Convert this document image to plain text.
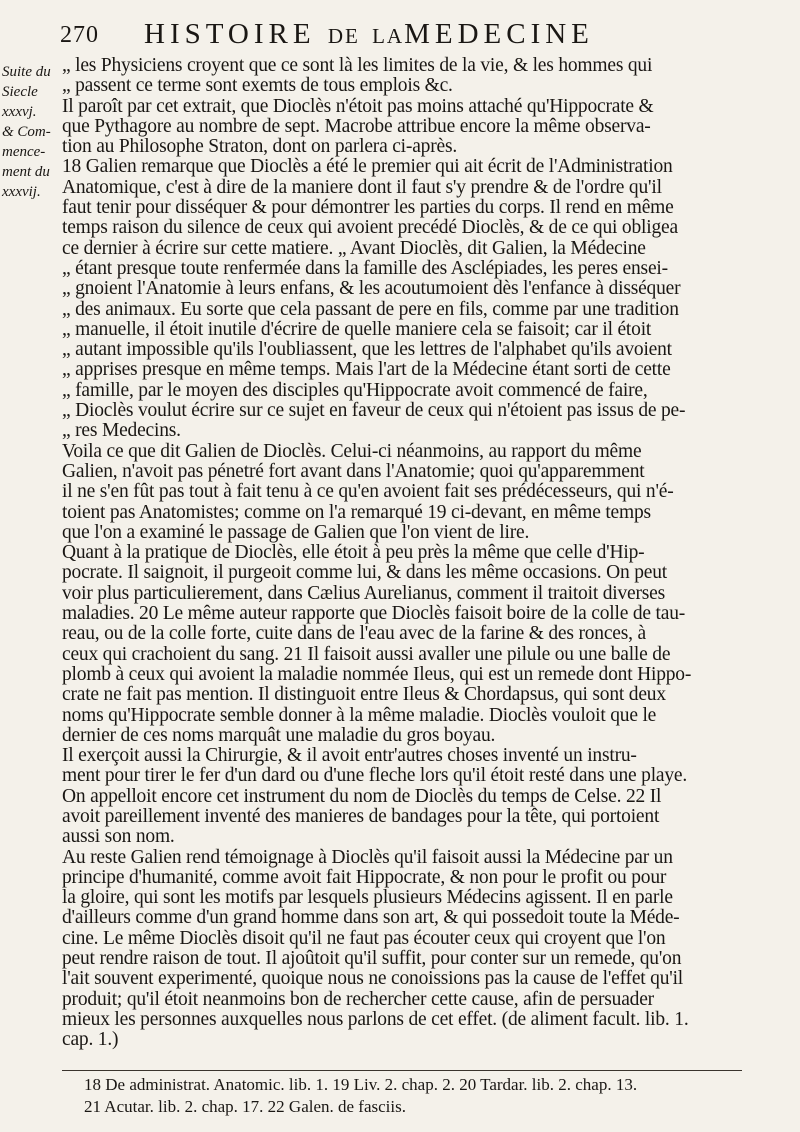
270 HISTOIRE DE LAMEDECINE
Suite du
Siecle
xxxvj.
& Com-
mence-
ment du
xxxvij.
„ les Physiciens croyent que ce sont là les limites de la vie, & les hommes qui
„ passent ce terme sont exemts de tous emplois &c.
Il paroît par cet extrait, que Dioclès n'étoit pas moins attaché qu'Hippocrate &
que Pythagore au nombre de sept. Macrobe attribue encore la même observa-
tion au Philosophe Straton, dont on parlera ci-après.
18 Galien remarque que Dioclès a été le premier qui ait écrit de l'Administration
Anatomique, c'est à dire de la maniere dont il faut s'y prendre & de l'ordre qu'il
faut tenir pour disséquer & pour démontrer les parties du corps. Il rend en même
temps raison du silence de ceux qui avoient precédé Dioclès, & de ce qui obligea
ce dernier à écrire sur cette matiere. „ Avant Dioclès, dit Galien, la Médecine
„ étant presque toute renfermée dans la famille des Asclépiades, les peres ensei-
„ gnoient l'Anatomie à leurs enfans, & les acoutumoient dès l'enfance à disséquer
„ des animaux. Eu sorte que cela passant de pere en fils, comme par une tradition
„ manuelle, il étoit inutile d'écrire de quelle maniere cela se faisoit; car il étoit
„ autant impossible qu'ils l'oubliassent, que les lettres de l'alphabet qu'ils avoient
„ apprises presque en même temps. Mais l'art de la Médecine étant sorti de cette
„ famille, par le moyen des disciples qu'Hippocrate avoit commencé de faire,
„ Dioclès voulut écrire sur ce sujet en faveur de ceux qui n'étoient pas issus de pe-
„ res Medecins.
Voila ce que dit Galien de Dioclès. Celui-ci néanmoins, au rapport du même
Galien, n'avoit pas pénetré fort avant dans l'Anatomie; quoi qu'apparemment
il ne s'en fût pas tout à fait tenu à ce qu'en avoient fait ses prédécesseurs, qui n'é-
toient pas Anatomistes; comme on l'a remarqué 19 ci-devant, en même temps
que l'on a examiné le passage de Galien que l'on vient de lire.
Quant à la pratique de Dioclès, elle étoit à peu près la même que celle d'Hip-
pocrate. Il saignoit, il purgeoit comme lui, & dans les même occasions. On peut
voir plus particulierement, dans Cælius Aurelianus, comment il traitoit diverses
maladies. 20 Le même auteur rapporte que Dioclès faisoit boire de la colle de tau-
reau, ou de la colle forte, cuite dans de l'eau avec de la farine & des ronces, à
ceux qui crachoient du sang. 21 Il faisoit aussi avaller une pilule ou une balle de
plomb à ceux qui avoient la maladie nommée Ileus, qui est un remede dont Hippo-
crate ne fait pas mention. Il distinguoit entre Ileus & Chordapsus, qui sont deux
noms qu'Hippocrate semble donner à la même maladie. Dioclès vouloit que le
dernier de ces noms marquât une maladie du gros boyau.
Il exerçoit aussi la Chirurgie, & il avoit entr'autres choses inventé un instru-
ment pour tirer le fer d'un dard ou d'une fleche lors qu'il étoit resté dans une playe.
On appelloit encore cet instrument du nom de Dioclès du temps de Celse. 22 Il
avoit pareillement inventé des manieres de bandages pour la tête, qui portoient
aussi son nom.
Au reste Galien rend témoignage à Dioclès qu'il faisoit aussi la Médecine par un
principe d'humanité, comme avoit fait Hippocrate, & non pour le profit ou pour
la gloire, qui sont les motifs par lesquels plusieurs Médecins agissent. Il en parle
d'ailleurs comme d'un grand homme dans son art, & qui possedoit toute la Méde-
cine. Le même Dioclès disoit qu'il ne faut pas écouter ceux qui croyent que l'on
peut rendre raison de tout. Il ajoûtoit qu'il suffit, pour conter sur un remede, qu'on
l'ait souvent experimenté, quoique nous ne conoissions pas la cause de l'effet qu'il
produit; qu'il étoit neanmoins bon de rechercher cette cause, afin de persuader
mieux les personnes auxquelles nous parlons de cet effet. (de aliment facult. lib. 1.
cap. 1.)
18 De administrat. Anatomic. lib. 1. 19 Liv. 2. chap. 2. 20 Tardar. lib. 2. chap. 13.
21 Acutar. lib. 2. chap. 17. 22 Galen. de fasciis.
